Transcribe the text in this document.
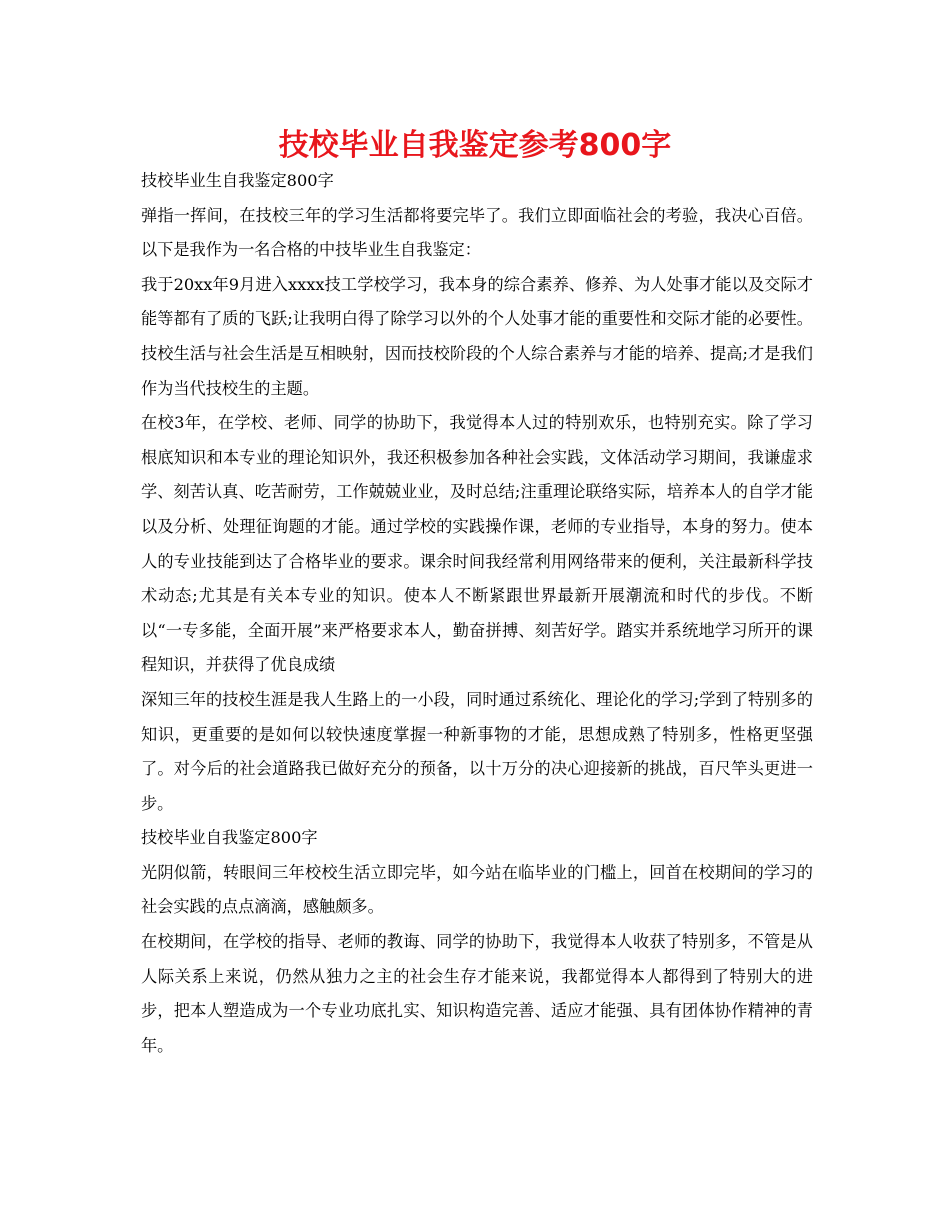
技校毕业自我鉴定参考800字

技校毕业生自我鉴定800字

弹指一挥间，在技校三年的学习生活都将要完毕了。我们立即面临社会的考验，我决心百倍。以下是我作为一名合格的中技毕业生自我鉴定：

我于20xx年9月进入xxxx技工学校学习，我本身的综合素养、修养、为人处事才能以及交际才能等都有了质的飞跃;让我明白得了除学习以外的个人处事才能的重要性和交际才能的必要性。技校生活与社会生活是互相映射，因而技校阶段的个人综合素养与才能的培养、提高;才是我们作为当代技校生的主题。

在校3年，在学校、老师、同学的协助下，我觉得本人过的特别欢乐，也特别充实。除了学习根底知识和本专业的理论知识外，我还积极参加各种社会实践，文体活动学习期间，我谦虚求学、刻苦认真、吃苦耐劳，工作兢兢业业，及时总结;注重理论联络实际，培养本人的自学才能以及分析、处理征询题的才能。通过学校的实践操作课，老师的专业指导，本身的努力。使本人的专业技能到达了合格毕业的要求。课余时间我经常利用网络带来的便利，关注最新科学技术动态;尤其是有关本专业的知识。使本人不断紧跟世界最新开展潮流和时代的步伐。不断以“一专多能，全面开展”来严格要求本人，勤奋拼搏、刻苦好学。踏实并系统地学习所开的课程知识，并获得了优良成绩

深知三年的技校生涯是我人生路上的一小段，同时通过系统化、理论化的学习;学到了特别多的知识，更重要的是如何以较快速度掌握一种新事物的才能，思想成熟了特别多，性格更坚强了。对今后的社会道路我已做好充分的预备，以十万分的决心迎接新的挑战，百尺竿头更进一步。

技校毕业自我鉴定800字

光阴似箭，转眼间三年校校生活立即完毕，如今站在临毕业的门槛上，回首在校期间的学习的社会实践的点点滴滴，感触颇多。

在校期间，在学校的指导、老师的教诲、同学的协助下，我觉得本人收获了特别多，不管是从人际关系上来说，仍然从独力之主的社会生存才能来说，我都觉得本人都得到了特别大的进步，把本人塑造成为一个专业功底扎实、知识构造完善、适应才能强、具有团体协作精神的青年。
